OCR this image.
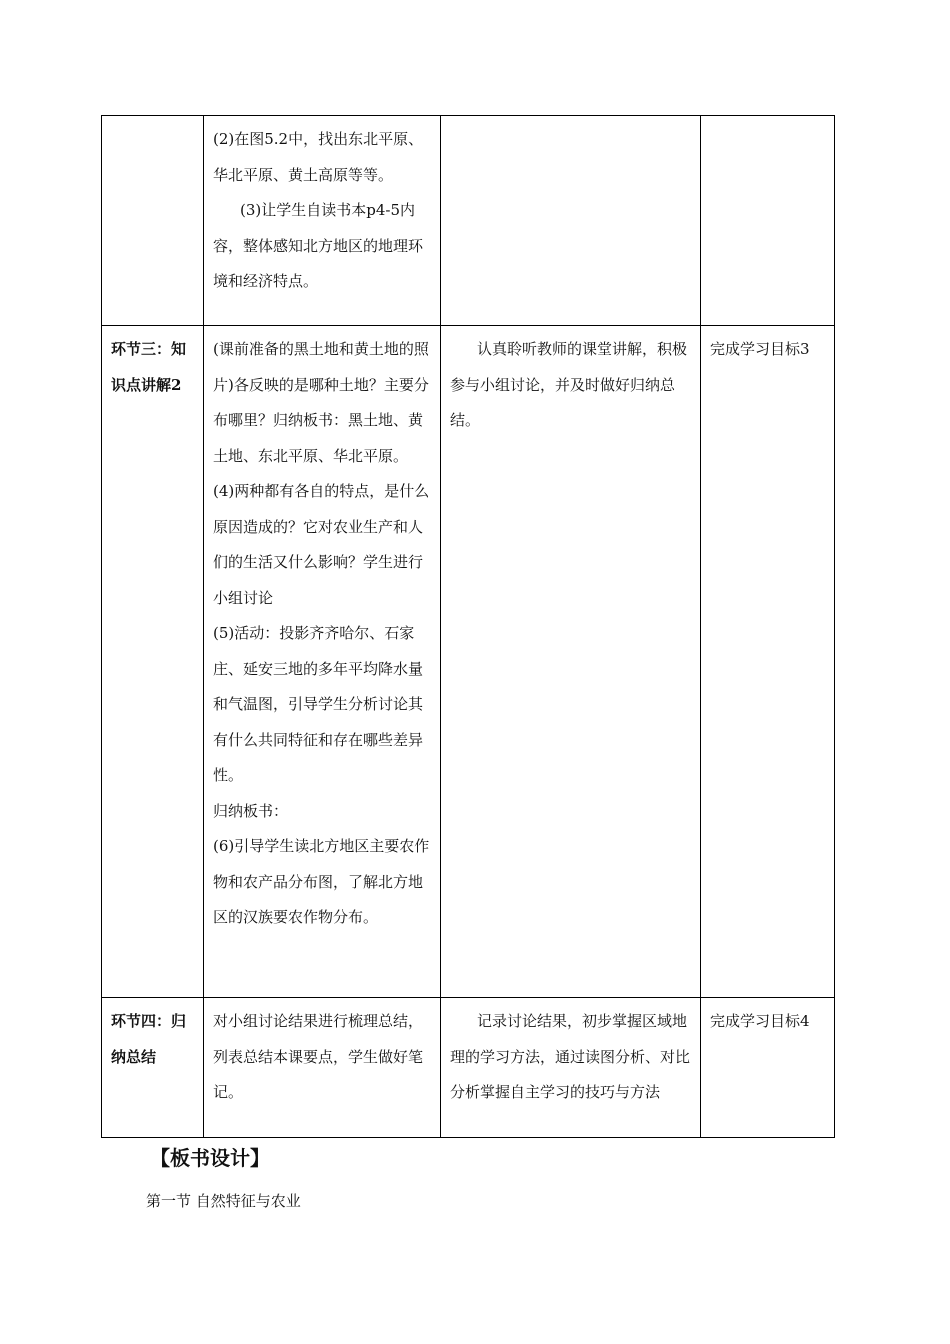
	(2)在图5.2中，找出东北平原、华北平原、黄土高原等等。
(3)让学生自读书本p4-5内容，整体感知北方地区的地理环境和经济特点。		

环节三：知识点讲解2	(课前准备的黑土地和黄土地的照片)各反映的是哪种土地？主要分布哪里？归纳板书：黑土地、黄土地、东北平原、华北平原。
(4)两种都有各自的特点，是什么原因造成的？它对农业生产和人们的生活又什么影响？学生进行小组讨论
(5)活动：投影齐齐哈尔、石家庄、延安三地的多年平均降水量和气温图，引导学生分析讨论其有什么共同特征和存在哪些差异性。
归纳板书：
(6)引导学生读北方地区主要农作物和农产品分布图，了解北方地区的汉族要农作物分布。	认真聆听教师的课堂讲解，积极参与小组讨论，并及时做好归纳总结。	完成学习目标3
环节四：归纳总结	对小组讨论结果进行梳理总结，列表总结本课要点，学生做好笔记。	记录讨论结果，初步掌握区域地理的学习方法，通过读图分析、对比分析掌握自主学习的技巧与方法	完成学习目标4
【板书设计】
第一节 自然特征与农业
